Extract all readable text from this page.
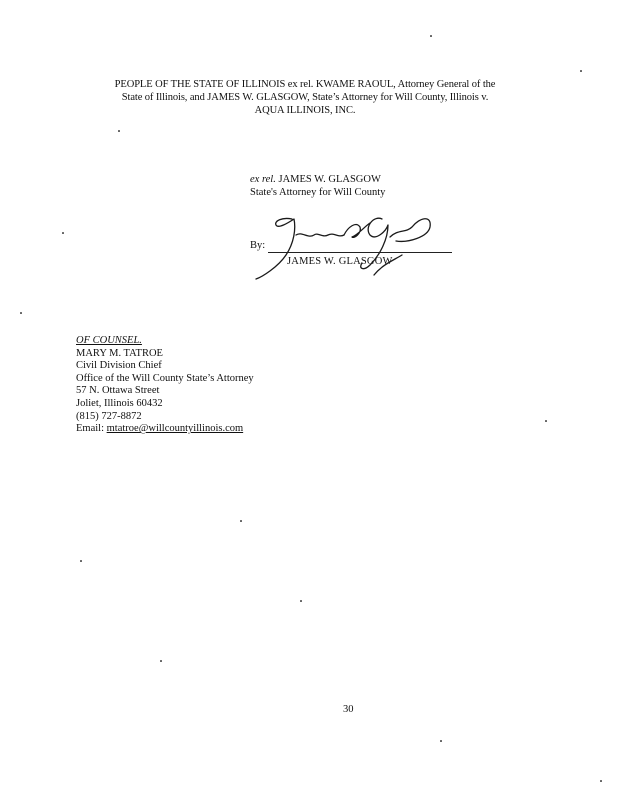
PEOPLE OF THE STATE OF ILLINOIS ex rel. KWAME RAOUL, Attorney General of the
State of Illinois, and JAMES W. GLASGOW, State’s Attorney for Will County, Illinois v.
AQUA ILLINOIS, INC.
ex rel. JAMES W. GLASGOW
State's Attorney for Will County
By:
JAMES W. GLASGOW
OF COUNSEL.
MARY M. TATROE
Civil Division Chief
Office of the Will County State’s Attorney
57 N. Ottawa Street
Joliet, Illinois 60432
(815) 727-8872
Email: mtatroe@willcountyillinois.com
30
